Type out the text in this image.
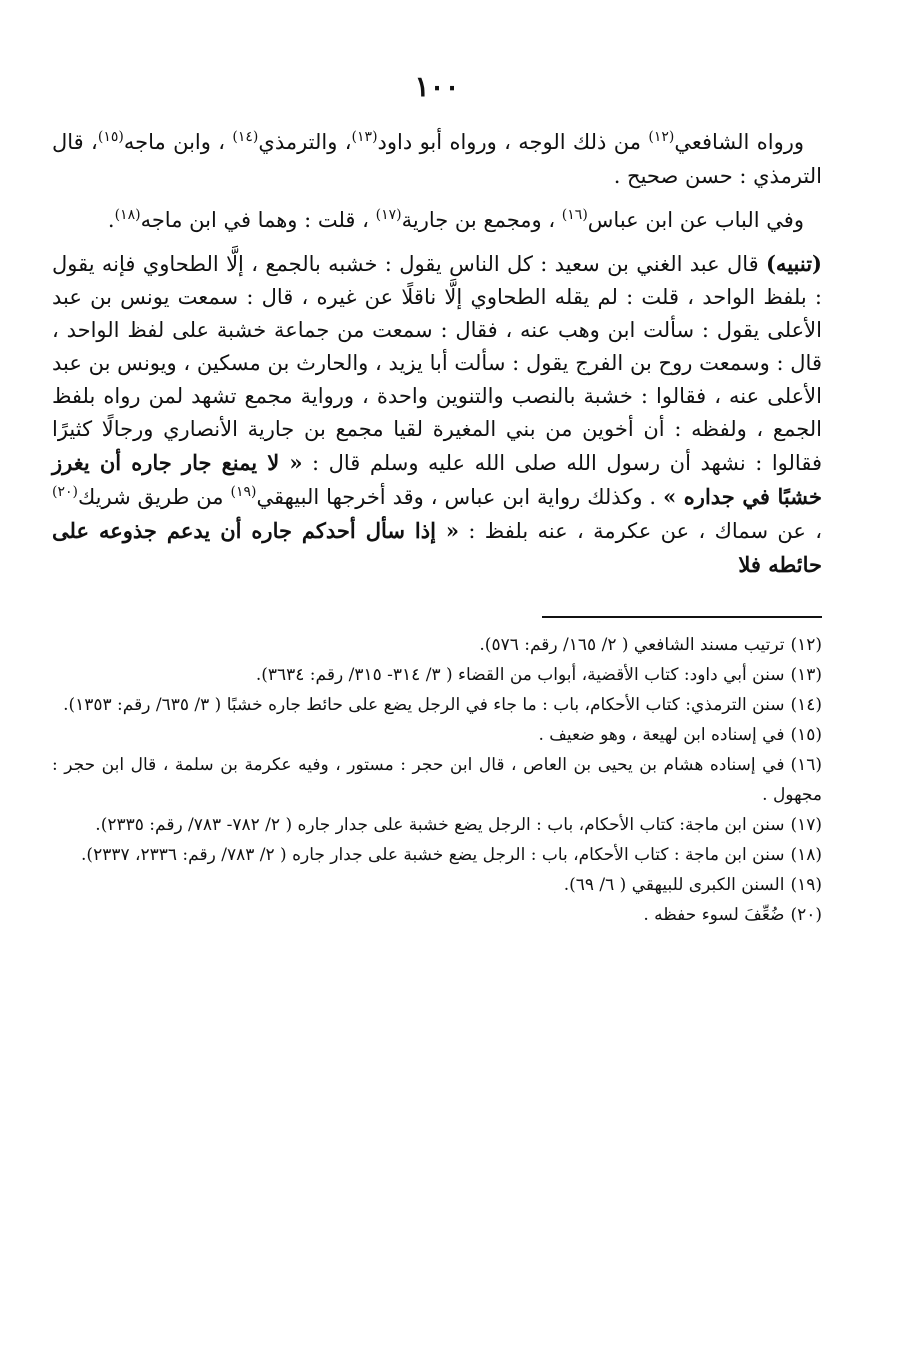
١٠٠

ورواه الشافعي$^{(١٢)}$ من ذلك الوجه ، ورواه أبو داود$^{(١٣)}$، والترمذي$^{(١٤)}$ ، وابن ماجه$^{(١٥)}$، قال الترمذي : حسن صحيح .

وفي الباب عن ابن عباس$^{(١٦)}$ ، ومجمع بن جارية$^{(١٧)}$ ، قلت : وهما في ابن ماجه$^{(١٨)}$.

(تنبيه) قال عبد الغني بن سعيد : كل الناس يقول : خشبه بالجمع ، إلَّا الطحاوي فإنه يقول : بلفظ الواحد ، قلت : لم يقله الطحاوي إلَّا ناقلًا عن غيره ، قال : سمعت يونس بن عبد الأعلى يقول : سألت ابن وهب عنه ، فقال : سمعت من جماعة خشبة على لفظ الواحد ، قال : وسمعت روح بن الفرج يقول : سألت أبا يزيد ، والحارث بن مسكين ، ويونس بن عبد الأعلى عنه ، فقالوا : خشبة بالنصب والتنوين واحدة ، ورواية مجمع تشهد لمن رواه بلفظ الجمع ، ولفظه : أن أخوين من بني المغيرة لقيا مجمع بن جارية الأنصاري ورجالًا كثيرًا فقالوا : نشهد أن رسول الله صلى الله عليه وسلم قال : « لا يمنع جار جاره أن يغرز خشبًا في جداره » . وكذلك رواية ابن عباس ، وقد أخرجها البيهقي$^{(١٩)}$ من طريق شريك$^{(٢٠)}$ ، عن سماك ، عن عكرمة ، عنه بلفظ : « إذا سأل أحدكم جاره أن يدعم جذوعه على حائطه فلا

(١٢)ترتيب مسند الشافعي ( ٢/ ١٦٥/ رقم: ٥٧٦).
(١٣)سنن أبي داود: كتاب الأقضية، أبواب من القضاء ( ٣/ ٣١٤- ٣١٥/ رقم: ٣٦٣٤).
(١٤)سنن الترمذي: كتاب الأحكام، باب : ما جاء في الرجل يضع على حائط جاره خشبًا ( ٣/ ٦٣٥/ رقم: ١٣٥٣).
(١٥)في إسناده ابن لهيعة ، وهو ضعيف .
(١٦)في إسناده هشام بن يحيى بن العاص ، قال ابن حجر : مستور ، وفيه عكرمة بن سلمة ، قال ابن حجر : مجهول .
(١٧)سنن ابن ماجة: كتاب الأحكام، باب : الرجل يضع خشبة على جدار جاره ( ٢/ ٧٨٢- ٧٨٣/ رقم: ٢٣٣٥).
(١٨)سنن ابن ماجة : كتاب الأحكام، باب : الرجل يضع خشبة على جدار جاره ( ٢/ ٧٨٣/ رقم: ٢٣٣٦، ٢٣٣٧).
(١٩)السنن الكبرى للبيهقي ( ٦/ ٦٩).
(٢٠)ضُعِّفَ لسوء حفظه .
